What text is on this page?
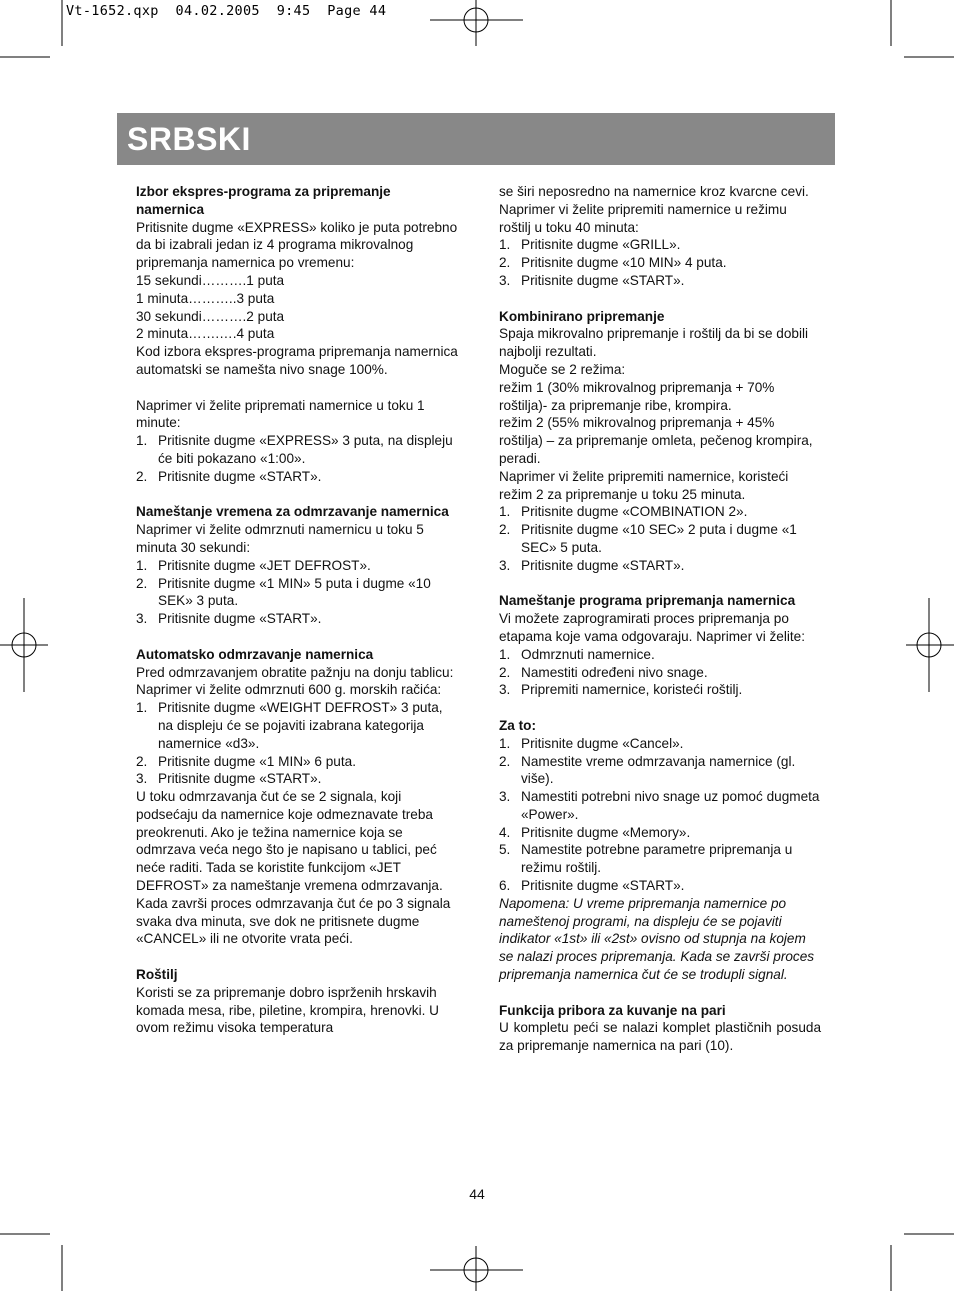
Vt-1652.qxp  04.02.2005  9:45  Page 44
SRBSKI

Izbor ekspres-programa za pripremanje namernica

Pritisnite dugme «EXPRESS» koliko je puta potrebno da bi izabrali jedan iz 4 programa mikrovalnog pripremanja namernica po vremenu:

15 sekundi……….1 puta

1 minuta………..3 puta

30 sekundi……….2 puta

2 minuta…….….4 puta

Kod izbora ekspres-programa pripremanja namernica automatski se namešta nivo snage 100%.

Naprimer vi želite pripremati namernice u toku 1 minute:

1. Pritisnite dugme «EXPRESS» 3 puta, na displeju će biti pokazano «1:00».

2. Pritisnite dugme «START».

Nameštanje vremena za odmrzavanje namernica

Naprimer vi želite odmrznuti namernicu u toku 5 minuta 30 sekundi:

1. Pritisnite dugme «JET DEFROST».

2. Pritisnite dugme «1 MIN» 5 puta i dugme «10 SEK» 3 puta.

3. Pritisnite dugme «START».

Automatsko odmrzavanje namernica

Pred odmrzavanjem obratite pažnju na donju tablicu:

Naprimer vi želite odmrznuti 600 g. morskih račića:

1. Pritisnite dugme «WEIGHT DEFROST» 3 puta, na displeju će se pojaviti izabrana kategorija namernice «d3».

2. Pritisnite dugme «1 MIN» 6 puta.

3. Pritisnite dugme «START».

U toku odmrzavanja čut će se 2 signala, koji podsećaju da namernice koje odmeznavate treba preokrenuti. Ako je težina namernice koja se odmrzava veća nego što je napisano u tablici, peć neće raditi. Tada se koristite funkcijom «JET DEFROST» za nameštanje vremena odmrzavanja.

Kada završi proces odmrzavanja čut će po 3 signala svaka dva minuta, sve dok ne pritisnete dugme «CANCEL» ili ne otvorite vrata peći.

Roštilj

Koristi se za pripremanje dobro ispržеnih hrskavih komada mesa, ribe, piletine, krompira, hrenovki. U ovom režimu visoka temperatura

se širi neposredno na namernice kroz kvarcne cevi.

Naprimer vi želite pripremiti namernice u režimu roštilj u toku 40 minuta:

1. Pritisnite dugme «GRILL».

2. Pritisnite dugme «10 MIN» 4 puta.

3. Pritisnite dugme «START».

Kombinirano pripremanje

Spaja mikrovalno pripremanje i roštilj da bi se dobili najbolji rezultati.

Moguče se 2 režima:

režim 1 (30% mikrovalnog pripremanja + 70% roštilja)- za pripremanje ribe, krompira.

režim 2 (55% mikrovalnog pripremanja + 45% roštilja) – za pripremanje omleta, pečenog krompira, peradi.

Naprimer vi želite pripremiti namernice, koristeći režim 2 za pripremanje u toku 25 minuta.

1. Pritisnite dugme «COMBINATION 2».

2. Pritisnite dugme «10 SEC» 2 puta i dugme «1 SEC» 5 puta.

3. Pritisnite dugme «START».

Nameštanje programa pripremanja namernica

Vi možete zaprogramirati proces pripremanja po etapama koje vama odgovaraju. Naprimer vi želite:

1. Odmrznuti namernice.

2. Namestiti određeni nivo snage.

3. Pripremiti namernice, koristeći roštilj.

Za to:

1. Pritisnite dugme «Cancel».

2. Namestite vreme odmrzavanja namernice (gl. više).

3. Namestiti potrebni nivo snage uz pomoć dugmeta «Power».

4. Pritisnite dugme «Memory».

5. Namestite potrebne parametre pripremanja u režimu roštilj.

6. Pritisnite dugme «START».

Napomena: U vreme pripremanja namernice po nameštenoj programi, na displeju će se pojaviti indikator «1st» ili «2st» ovisno od stupnja na kojem se nalazi proces pripremanja. Kada se završi proces pripremanja namernica čut će se trodupli signal.

Funkcija pribora za kuvanje na pari

U kompletu peći se nalazi komplet plastičnih posuda za pripremanje namernica na pari (10).

44
